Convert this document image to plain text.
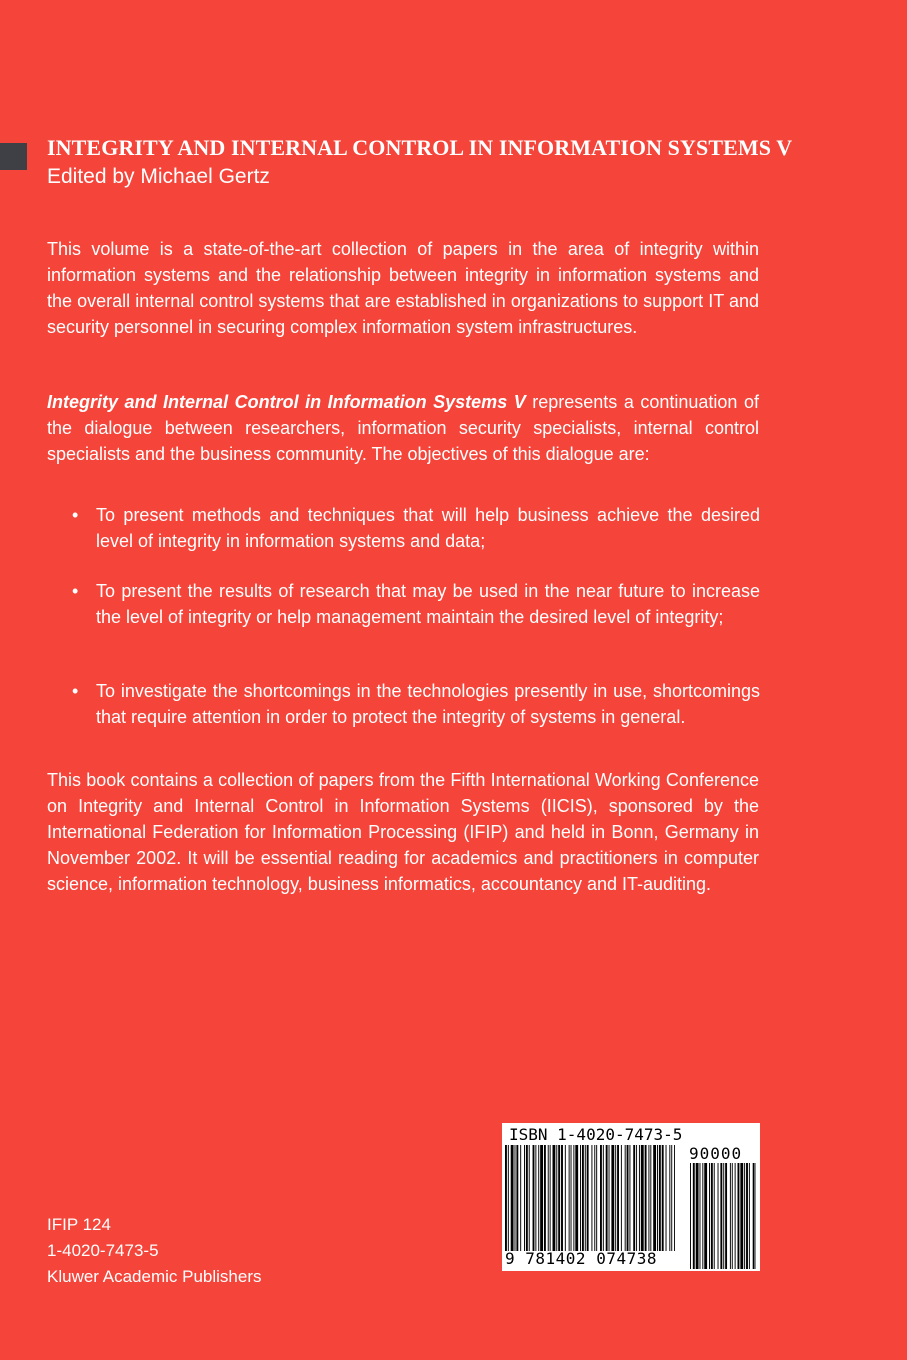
INTEGRITY AND INTERNAL CONTROL IN INFORMATION SYSTEMS V
Edited by Michael Gertz

This volume is a state-of-the-art collection of papers in the area of integrity within information systems and the relationship between integrity in information systems and the overall internal control systems that are established in organizations to support IT and security personnel in securing complex information system infrastructures.

Integrity and Internal Control in Information Systems V represents a continuation of the dialogue between researchers, information security specialists, internal control specialists and the business community. The objectives of this dialogue are:

• To present methods and techniques that will help business achieve the desired level of integrity in information systems and data;
• To present the results of research that may be used in the near future to increase the level of integrity or help management maintain the desired level of integrity;
• To investigate the shortcomings in the technologies presently in use, shortcomings that require attention in order to protect the integrity of systems in general.

This book contains a collection of papers from the Fifth International Working Conference on Integrity and Internal Control in Information Systems (IICIS), sponsored by the International Federation for Information Processing (IFIP) and held in Bonn, Germany in November 2002. It will be essential reading for academics and practitioners in computer science, information technology, business informatics, accountancy and IT-auditing.

IFIP 124
1-4020-7473-5
Kluwer Academic Publishers
ISBN 1-4020-7473-5
90000
9 781402 074738
